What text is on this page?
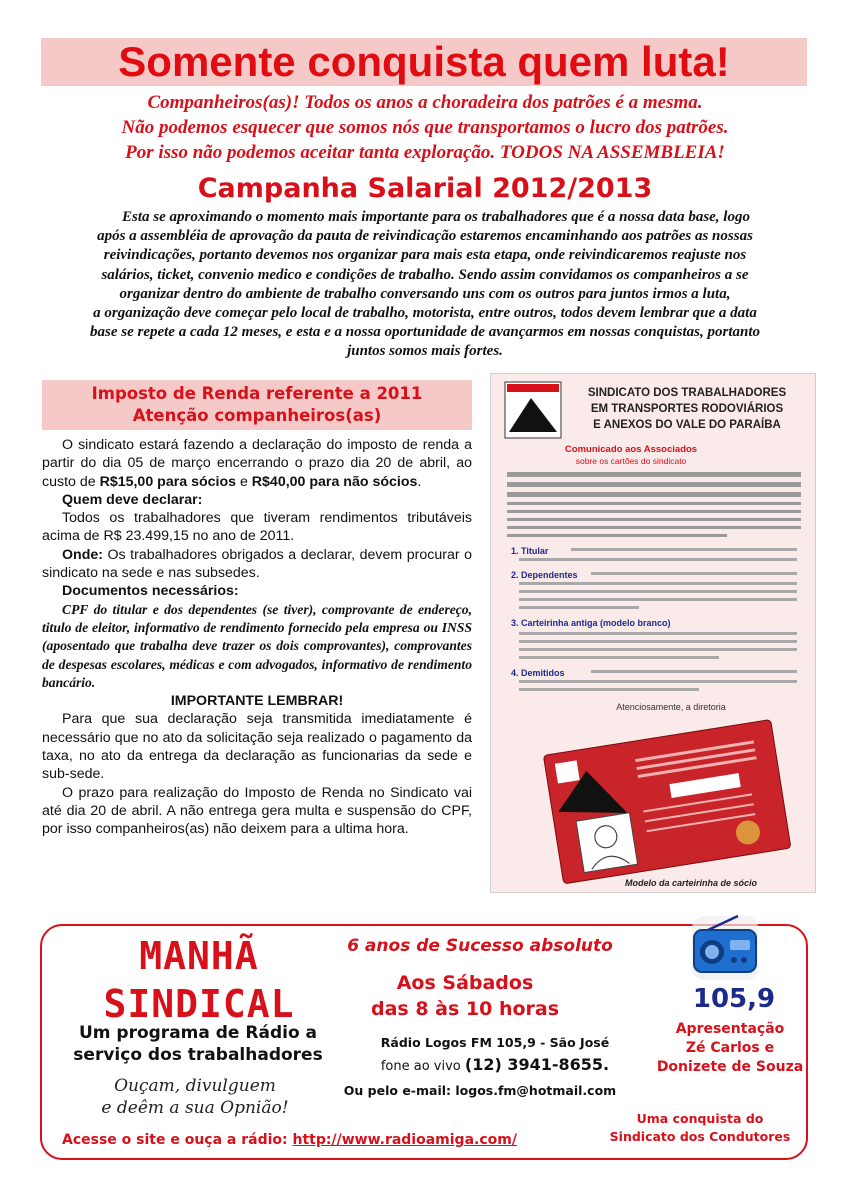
Somente conquista quem luta!
Companheiros(as)! Todos os anos a choradeira dos patrões é a mesma.
Não podemos esquecer que somos nós que transportamos o lucro dos patrões.
Por isso não podemos aceitar tanta exploração. TODOS NA ASSEMBLEIA!
Campanha Salarial 2012/2013
Esta se aproximando o momento mais importante para os trabalhadores que é a nossa data base, logo
após a assembléia de aprovação da pauta de reivindicação estaremos encaminhando aos patrões as nossas
reivindicações, portanto devemos nos organizar para mais esta etapa, onde reivindicaremos reajuste nos
salários, ticket, convenio medico e condições de trabalho. Sendo assim convidamos os companheiros a se
organizar dentro do ambiente de trabalho conversando uns com os outros para juntos irmos a luta,
a organização deve começar pelo local de trabalho, motorista, entre outros, todos devem lembrar que a data
base se repete a cada 12 meses, e esta e a nossa oportunidade de avançarmos em nossas conquistas, portanto
juntos somos mais fortes.
Imposto de Renda referente a 2011
Atenção companheiros(as)

O sindicato estará fazendo a declaração do imposto de renda a partir do dia 05 de março encerrando o prazo dia 20 de abril, ao custo de R$15,00 para sócios e R$40,00 para não sócios.

Quem deve declarar:

Todos os trabalhadores que tiveram rendimentos tributáveis acima de R$ 23.499,15 no ano de 2011.

Onde: Os trabalhadores obrigados a declarar, devem procurar o sindicato na sede e nas subsedes.

Documentos necessários:

CPF do titular e dos dependentes (se tiver), comprovante de endereço, titulo de eleitor, informativo de rendimento fornecido pela empresa ou INSS (aposentado que trabalha deve trazer os dois comprovantes), comprovantes de despesas escolares, médicas e com advogados, informativo de rendimento bancário.

IMPORTANTE LEMBRAR!

Para que sua declaração seja transmitida imediatamente é necessário que no ato da solicitação seja realizado o pagamento da taxa, no ato da entrega da declaração as funcionarias da sede e sub-sede.

O prazo para realização do Imposto de Renda no Sindicato vai até dia 20 de abril. A não entrega gera multa e suspensão do CPF, por isso companheiros(as) não deixem para a ultima hora.

SINDICATO DOS TRABALHADORES
EM TRANSPORTES RODOVIÁRIOS
E ANEXOS DO VALE DO PARAÍBA
Comunicado aos Associados
sobre os cartões do sindicato
1. Titular
2. Dependentes
3. Carteirinha antiga (modelo branco)
4. Demitidos
Atenciosamente, a diretoria
Modelo da carteirinha de sócio
MANHÃ
SINDICAL
Um programa de Rádio a
serviço dos trabalhadores
Ouçam, divulguem
e deêm a sua Opnião!
6 anos de Sucesso absoluto
Aos Sábados
das 8 às 10 horas
Rádio Logos FM 105,9 - São José
fone ao vivo (12) 3941-8655.
Ou pelo e-mail: logos.fm@hotmail.com
Acesse o site e ouça a rádio: http://www.radioamiga.com/
105,9
Apresentação
Zé Carlos e
Donizete de Souza
Uma conquista do
Sindicato dos Condutores
